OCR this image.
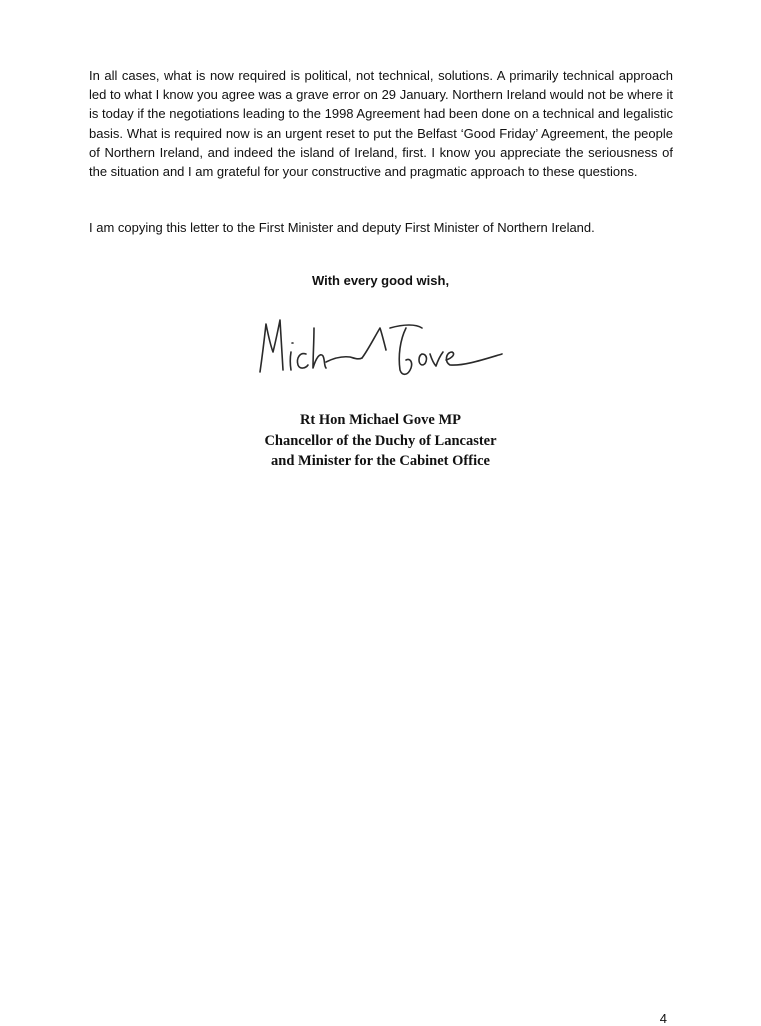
In all cases, what is now required is political, not technical, solutions. A primarily technical approach led to what I know you agree was a grave error on 29 January. Northern Ireland would not be where it is today if the negotiations leading to the 1998 Agreement had been done on a technical and legalistic basis. What is required now is an urgent reset to put the Belfast ‘Good Friday’ Agreement, the people of Northern Ireland, and indeed the island of Ireland, first. I know you appreciate the seriousness of the situation and I am grateful for your constructive and pragmatic approach to these questions.

I am copying this letter to the First Minister and deputy First Minister of Northern Ireland.

With every good wish,

Rt Hon Michael Gove MP
Chancellor of the Duchy of Lancaster
and Minister for the Cabinet Office

4
